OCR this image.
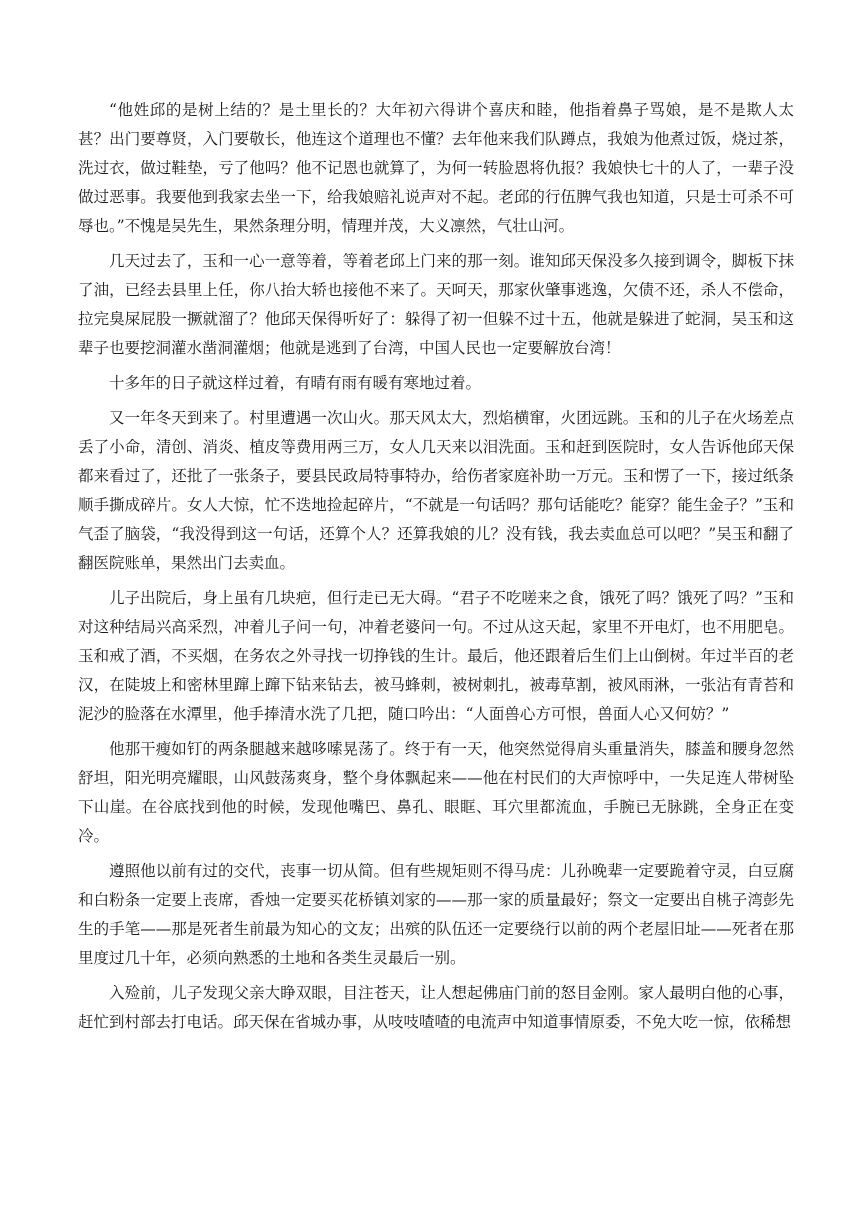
“他姓邱的是树上结的？是土里长的？大年初六得讲个喜庆和睦，他指着鼻子骂娘，是不是欺人太甚？出门要尊贤，入门要敬长，他连这个道理也不懂？去年他来我们队蹲点，我娘为他煮过饭，烧过茶，洗过衣，做过鞋垫，亏了他吗？他不记恩也就算了，为何一转脸恩将仇报？我娘快七十的人了，一辈子没做过恶事。我要他到我家去坐一下，给我娘赔礼说声对不起。老邱的行伍脾气我也知道，只是士可杀不可辱也。”不愧是吴先生，果然条理分明，情理并茂，大义凛然，气壮山河。

几天过去了，玉和一心一意等着，等着老邱上门来的那一刻。谁知邱天保没多久接到调令，脚板下抹了油，已经去县里上任，你八抬大轿也接他不来了。天呵天，那家伙肇事逃逸，欠债不还，杀人不偿命，拉完臭屎屁股一撅就溜了？他邱天保得听好了：躲得了初一但躲不过十五，他就是躲进了蛇洞，吴玉和这辈子也要挖洞灌水凿洞灌烟；他就是逃到了台湾，中国人民也一定要解放台湾！

十多年的日子就这样过着，有晴有雨有暖有寒地过着。

又一年冬天到来了。村里遭遇一次山火。那天风太大，烈焰横窜，火团远跳。玉和的儿子在火场差点丢了小命，清创、消炎、植皮等费用两三万，女人几天来以泪洗面。玉和赶到医院时，女人告诉他邱天保都来看过了，还批了一张条子，要县民政局特事特办，给伤者家庭补助一万元。玉和愣了一下，接过纸条顺手撕成碎片。女人大惊，忙不迭地捡起碎片，“不就是一句话吗？那句话能吃？能穿？能生金子？”玉和气歪了脑袋，“我没得到这一句话，还算个人？还算我娘的儿？没有钱，我去卖血总可以吧？”吴玉和翻了翻医院账单，果然出门去卖血。

儿子出院后，身上虽有几块疤，但行走已无大碍。“君子不吃嗟来之食，饿死了吗？饿死了吗？”玉和对这种结局兴高采烈，冲着儿子问一句，冲着老婆问一句。不过从这天起，家里不开电灯，也不用肥皂。玉和戒了酒，不买烟，在务农之外寻找一切挣钱的生计。最后，他还跟着后生们上山倒树。年过半百的老汉，在陡坡上和密林里蹿上蹿下钻来钻去，被马蜂刺，被树刺扎，被毒草割，被风雨淋，一张沾有青苔和泥沙的脸落在水潭里，他手捧清水洗了几把，随口吟出：“人面兽心方可恨，兽面人心又何妨？”

他那干瘦如钉的两条腿越来越哆嗦晃荡了。终于有一天，他突然觉得肩头重量消失，膝盖和腰身忽然舒坦，阳光明亮耀眼，山风鼓荡爽身，整个身体飘起来——他在村民们的大声惊呼中，一失足连人带树坠下山崖。在谷底找到他的时候，发现他嘴巴、鼻孔、眼眶、耳穴里都流血，手腕已无脉跳，全身正在变冷。

遵照他以前有过的交代，丧事一切从简。但有些规矩则不得马虎：儿孙晚辈一定要跪着守灵，白豆腐和白粉条一定要上丧席，香烛一定要买花桥镇刘家的——那一家的质量最好；祭文一定要出自桃子湾彭先生的手笔——那是死者生前最为知心的文友；出殡的队伍还一定要绕行以前的两个老屋旧址——死者在那里度过几十年，必须向熟悉的土地和各类生灵最后一别。

入殓前，儿子发现父亲大睁双眼，目注苍天，让人想起佛庙门前的怒目金刚。家人最明白他的心事，赶忙到村部去打电话。邱天保在省城办事，从吱吱喳喳的电流声中知道事情原委，不免大吃一惊，依稀想
